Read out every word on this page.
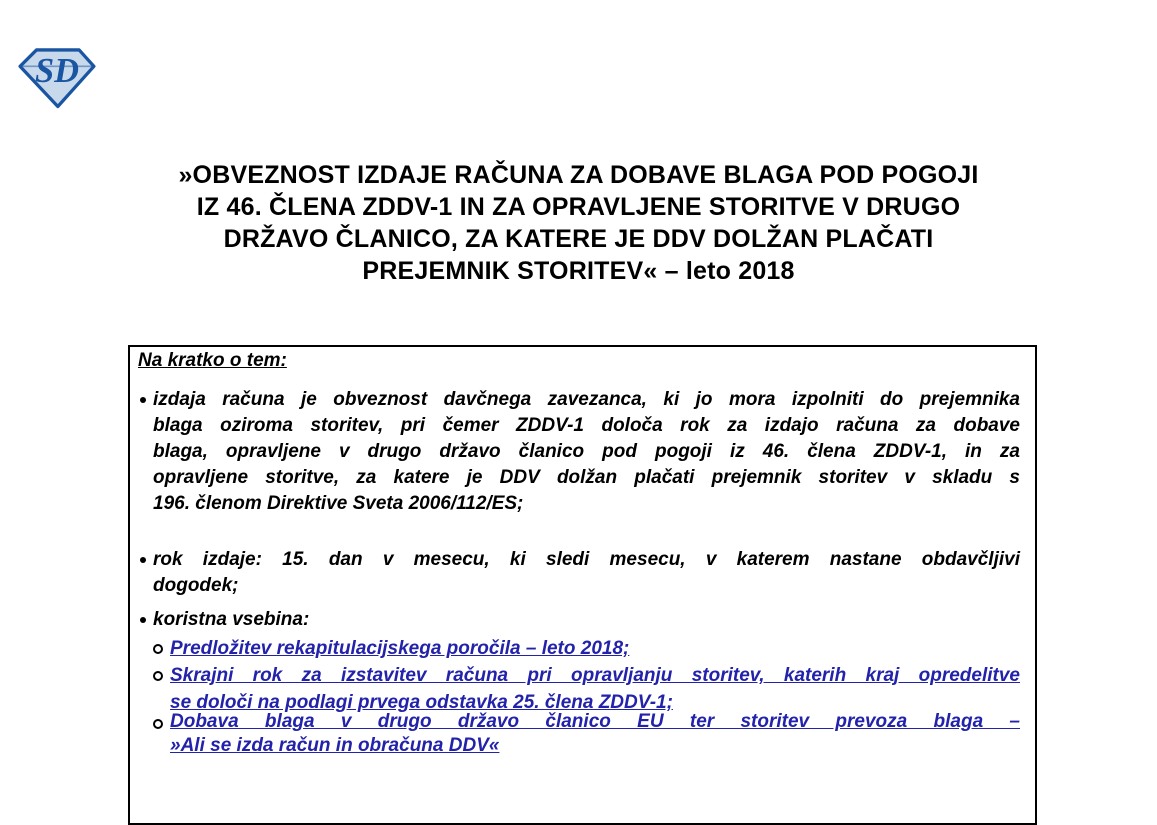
SD
»OBVEZNOST IZDAJE RAČUNA ZA DOBAVE BLAGA POD POGOJI
IZ 46. ČLENA ZDDV-1 IN ZA OPRAVLJENE STORITVE V DRUGO
DRŽAVO ČLANICO, ZA KATERE JE DDV DOLŽAN PLAČATI
PREJEMNIK STORITEV« – leto 2018
Na kratko o tem:
izdaja računa je obveznost davčnega zavezanca, ki jo mora izpolniti do prejemnika
blaga oziroma storitev, pri čemer ZDDV-1 določa rok za izdajo računa za dobave
blaga, opravljene v drugo državo članico pod pogoji iz 46. člena ZDDV-1, in za
opravljene storitve, za katere je DDV dolžan plačati prejemnik storitev v skladu s
196. členom Direktive Sveta 2006/112/ES;
rok izdaje: 15. dan v mesecu, ki sledi mesecu, v katerem nastane obdavčljivi
dogodek;
koristna vsebina:
Predložitev rekapitulacijskega poročila – leto 2018;
Skrajni rok za izstavitev računa pri opravljanju storitev, katerih kraj opredelitve
se določi na podlagi prvega odstavka 25. člena ZDDV-1;
Dobava blaga v drugo državo članico EU ter storitev prevoza blaga –
»Ali se izda račun in obračuna DDV«
